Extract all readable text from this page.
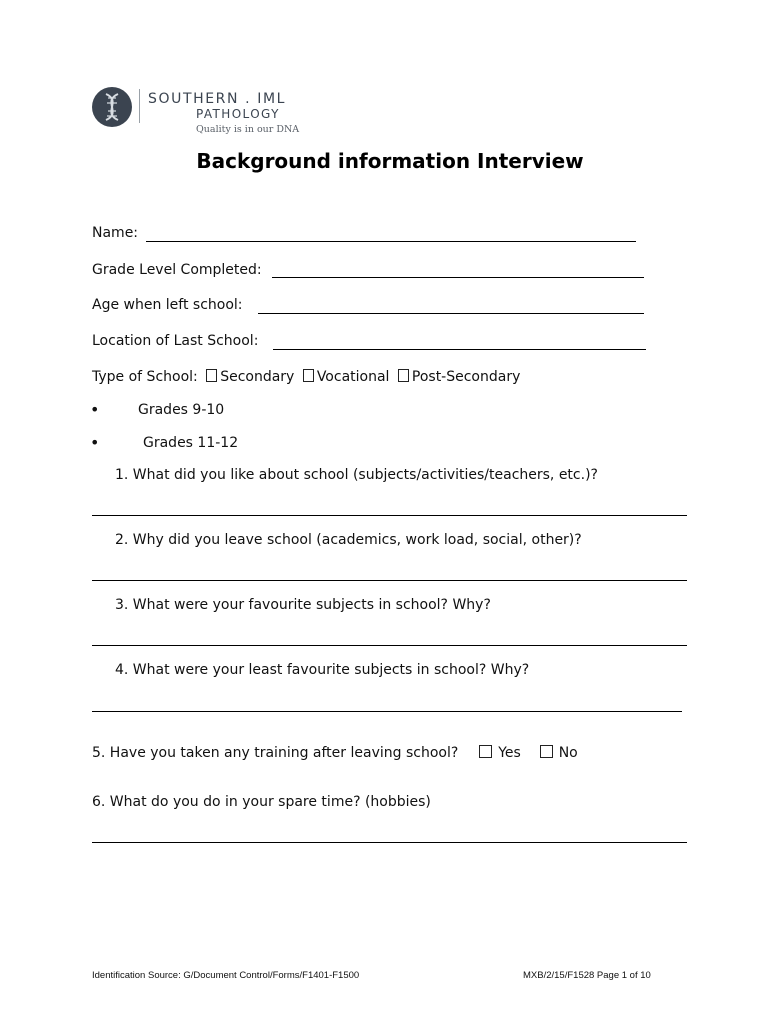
SOUTHERN . IML
PATHOLOGY
Quality is in our DNA
Background information Interview
Name:
Grade Level Completed:
Age when left school:
Location of Last School:
Type of School: Secondary Vocational Post-Secondary
•	Grades 9-10
•	Grades 11-12
1. What did you like about school (subjects/activities/teachers, etc.)?
2. Why did you leave school (academics, work load, social, other)?
3. What were your favourite subjects in school? Why?
4. What were your least favourite subjects in school? Why?
5. Have you taken any training after leaving school?	Yes	No
6. What do you do in your spare time? (hobbies)
Identification Source: G/Document Control/Forms/F1401-F1500	MXB/2/15/F1528 Page 1 of 10
